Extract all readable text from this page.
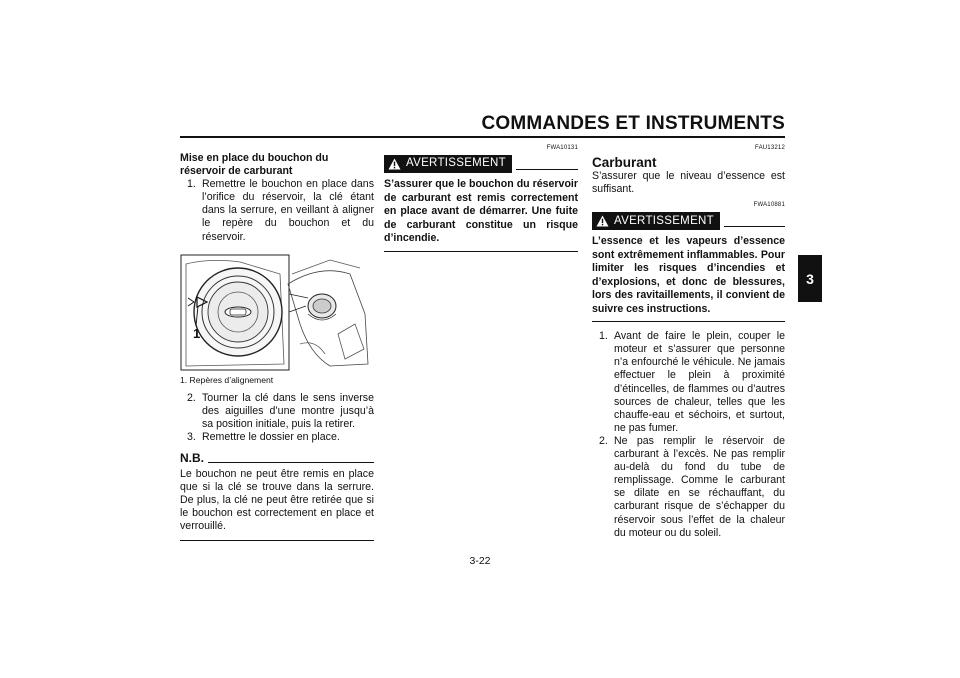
COMMANDES ET INSTRUMENTS
3
Mise en place du bouchon du réservoir de carburant
1. Remettre le bouchon en place dans l’orifice du réservoir, la clé étant dans la serrure, en veillant à aligner le repère du bouchon et du réservoir.
1
1. Repères d’alignement
2. Tourner la clé dans le sens inverse des aiguilles d’une montre jusqu’à sa position initiale, puis la retirer.
3. Remettre le dossier en place.
N.B.
Le bouchon ne peut être remis en place que si la clé se trouve dans la serrure. De plus, la clé ne peut être retirée que si le bouchon est correctement en place et verrouillé.
FWA10131
AVERTISSEMENT
S’assurer que le bouchon du réservoir de carburant est remis correctement en place avant de démarrer. Une fuite de carburant constitue un risque d’incendie.
FAU13212
Carburant
S’assurer que le niveau d’essence est suffisant.
FWA10881
AVERTISSEMENT
L’essence et les vapeurs d’essence sont extrêmement inflammables. Pour limiter les risques d’incendies et d’explosions, et donc de blessures, lors des ravitaillements, il convient de suivre ces instructions.
1. Avant de faire le plein, couper le moteur et s’assurer que personne n’a enfourché le véhicule. Ne jamais effectuer le plein à proximité d’étincelles, de flammes ou d’autres sources de chaleur, telles que les chauffe-eau et séchoirs, et surtout, ne pas fumer.
2. Ne pas remplir le réservoir de carburant à l’excès. Ne pas remplir au-delà du fond du tube de remplissage. Comme le carburant se dilate en se réchauffant, du carburant risque de s’échapper du réservoir sous l’effet de la chaleur du moteur ou du soleil.
3-22
